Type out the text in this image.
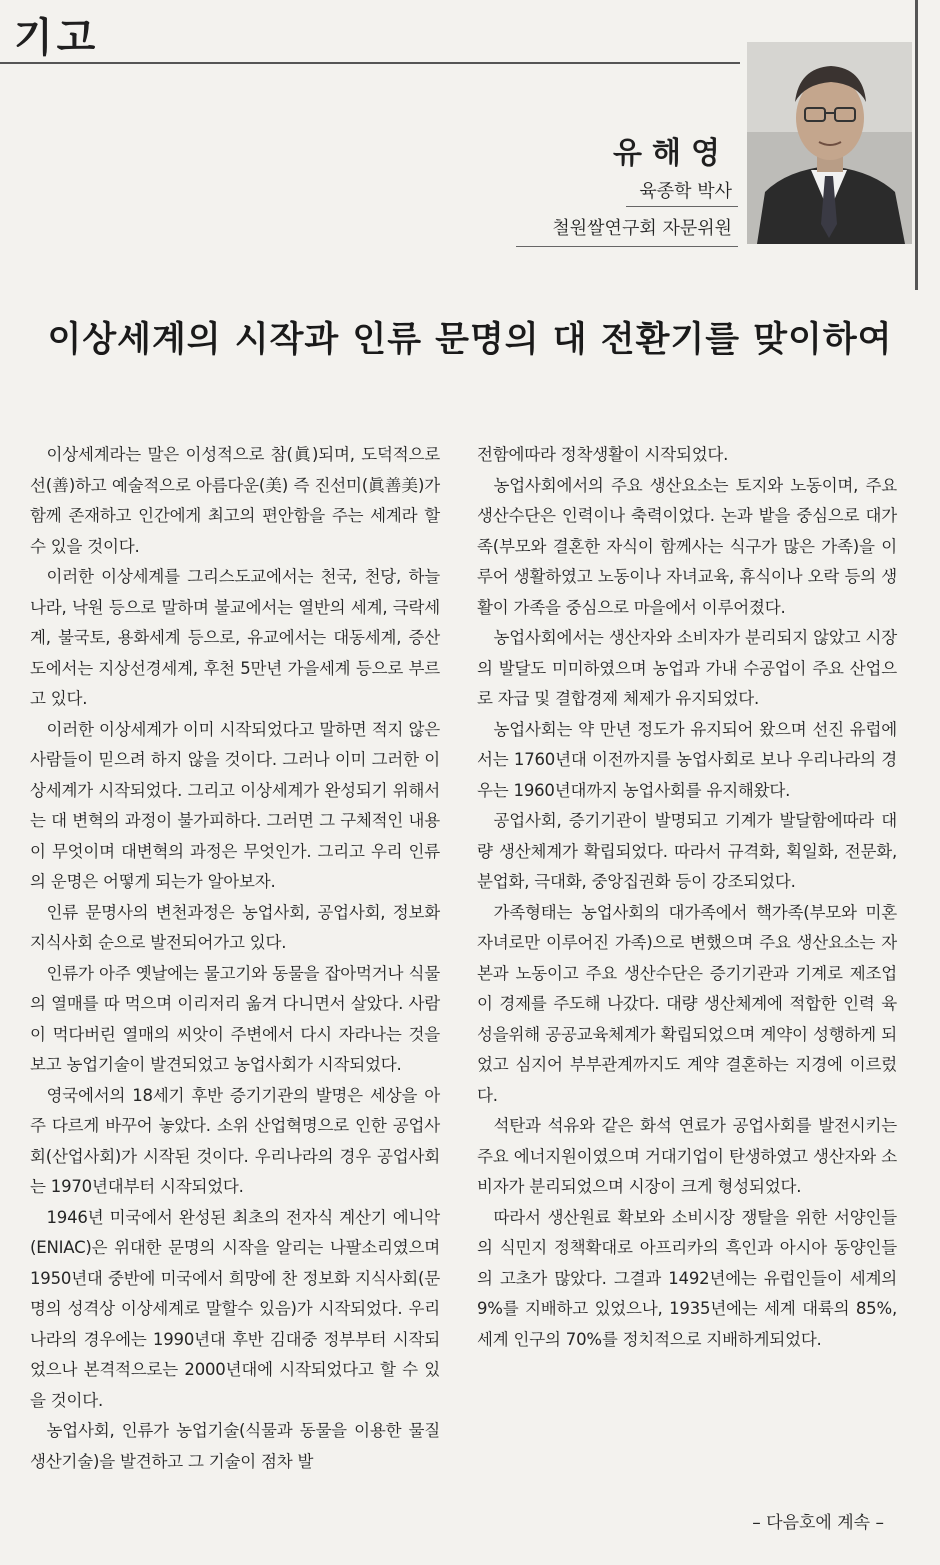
기고
유해영
육종학 박사
철원쌀연구회 자문위원
이상세계의 시작과 인류 문명의 대 전환기를 맞이하여

이상세계라는 말은 이성적으로 참(眞)되며, 도덕적으로 선(善)하고 예술적으로 아름다운(美) 즉 진선미(眞善美)가 함께 존재하고 인간에게 최고의 편안함을 주는 세계라 할 수 있을 것이다.

이러한 이상세계를 그리스도교에서는 천국, 천당, 하늘나라, 낙원 등으로 말하며 불교에서는 열반의 세계, 극락세계, 불국토, 용화세계 등으로, 유교에서는 대동세계, 증산도에서는 지상선경세계, 후천 5만년 가을세계 등으로 부르고 있다.

이러한 이상세계가 이미 시작되었다고 말하면 적지 않은 사람들이 믿으려 하지 않을 것이다. 그러나 이미 그러한 이상세계가 시작되었다. 그리고 이상세계가 완성되기 위해서는 대 변혁의 과정이 불가피하다. 그러면 그 구체적인 내용이 무엇이며 대변혁의 과정은 무엇인가. 그리고 우리 인류의 운명은 어떻게 되는가 알아보자.

인류 문명사의 변천과정은 농업사회, 공업사회, 정보화 지식사회 순으로 발전되어가고 있다.

인류가 아주 옛날에는 물고기와 동물을 잡아먹거나 식물의 열매를 따 먹으며 이리저리 옮겨 다니면서 살았다. 사람이 먹다버린 열매의 씨앗이 주변에서 다시 자라나는 것을 보고 농업기술이 발견되었고 농업사회가 시작되었다.

영국에서의 18세기 후반 증기기관의 발명은 세상을 아주 다르게 바꾸어 놓았다. 소위 산업혁명으로 인한 공업사회(산업사회)가 시작된 것이다. 우리나라의 경우 공업사회는 1970년대부터 시작되었다.

1946년 미국에서 완성된 최초의 전자식 계산기 에니악(ENIAC)은 위대한 문명의 시작을 알리는 나팔소리였으며 1950년대 중반에 미국에서 희망에 찬 정보화 지식사회(문명의 성격상 이상세계로 말할수 있음)가 시작되었다. 우리나라의 경우에는 1990년대 후반 김대중 정부부터 시작되었으나 본격적으로는 2000년대에 시작되었다고 할 수 있을 것이다.

농업사회, 인류가 농업기술(식물과 동물을 이용한 물질 생산기술)을 발견하고 그 기술이 점차 발

전함에따라 정착생활이 시작되었다.

농업사회에서의 주요 생산요소는 토지와 노동이며, 주요 생산수단은 인력이나 축력이었다. 논과 밭을 중심으로 대가족(부모와 결혼한 자식이 함께사는 식구가 많은 가족)을 이루어 생활하였고 노동이나 자녀교육, 휴식이나 오락 등의 생활이 가족을 중심으로 마을에서 이루어졌다.

농업사회에서는 생산자와 소비자가 분리되지 않았고 시장의 발달도 미미하였으며 농업과 가내 수공업이 주요 산업으로 자급 및 결합경제 체제가 유지되었다.

농업사회는 약 만년 정도가 유지되어 왔으며 선진 유럽에서는 1760년대 이전까지를 농업사회로 보나 우리나라의 경우는 1960년대까지 농업사회를 유지해왔다.

공업사회, 증기기관이 발명되고 기계가 발달함에따라 대량 생산체계가 확립되었다. 따라서 규격화, 획일화, 전문화, 분업화, 극대화, 중앙집권화 등이 강조되었다.

가족형태는 농업사회의 대가족에서 핵가족(부모와 미혼자녀로만 이루어진 가족)으로 변했으며 주요 생산요소는 자본과 노동이고 주요 생산수단은 증기기관과 기계로 제조업이 경제를 주도해 나갔다. 대량 생산체계에 적합한 인력 육성을위해 공공교육체계가 확립되었으며 계약이 성행하게 되었고 심지어 부부관계까지도 계약 결혼하는 지경에 이르렀다.

석탄과 석유와 같은 화석 연료가 공업사회를 발전시키는 주요 에너지원이였으며 거대기업이 탄생하였고 생산자와 소비자가 분리되었으며 시장이 크게 형성되었다.

따라서 생산원료 확보와 소비시장 쟁탈을 위한 서양인들의 식민지 정책확대로 아프리카의 흑인과 아시아 동양인들의 고초가 많았다. 그결과 1492년에는 유럽인들이 세계의 9%를 지배하고 있었으나, 1935년에는 세계 대륙의 85%, 세계 인구의 70%를 정치적으로 지배하게되었다.

– 다음호에 계속 –
